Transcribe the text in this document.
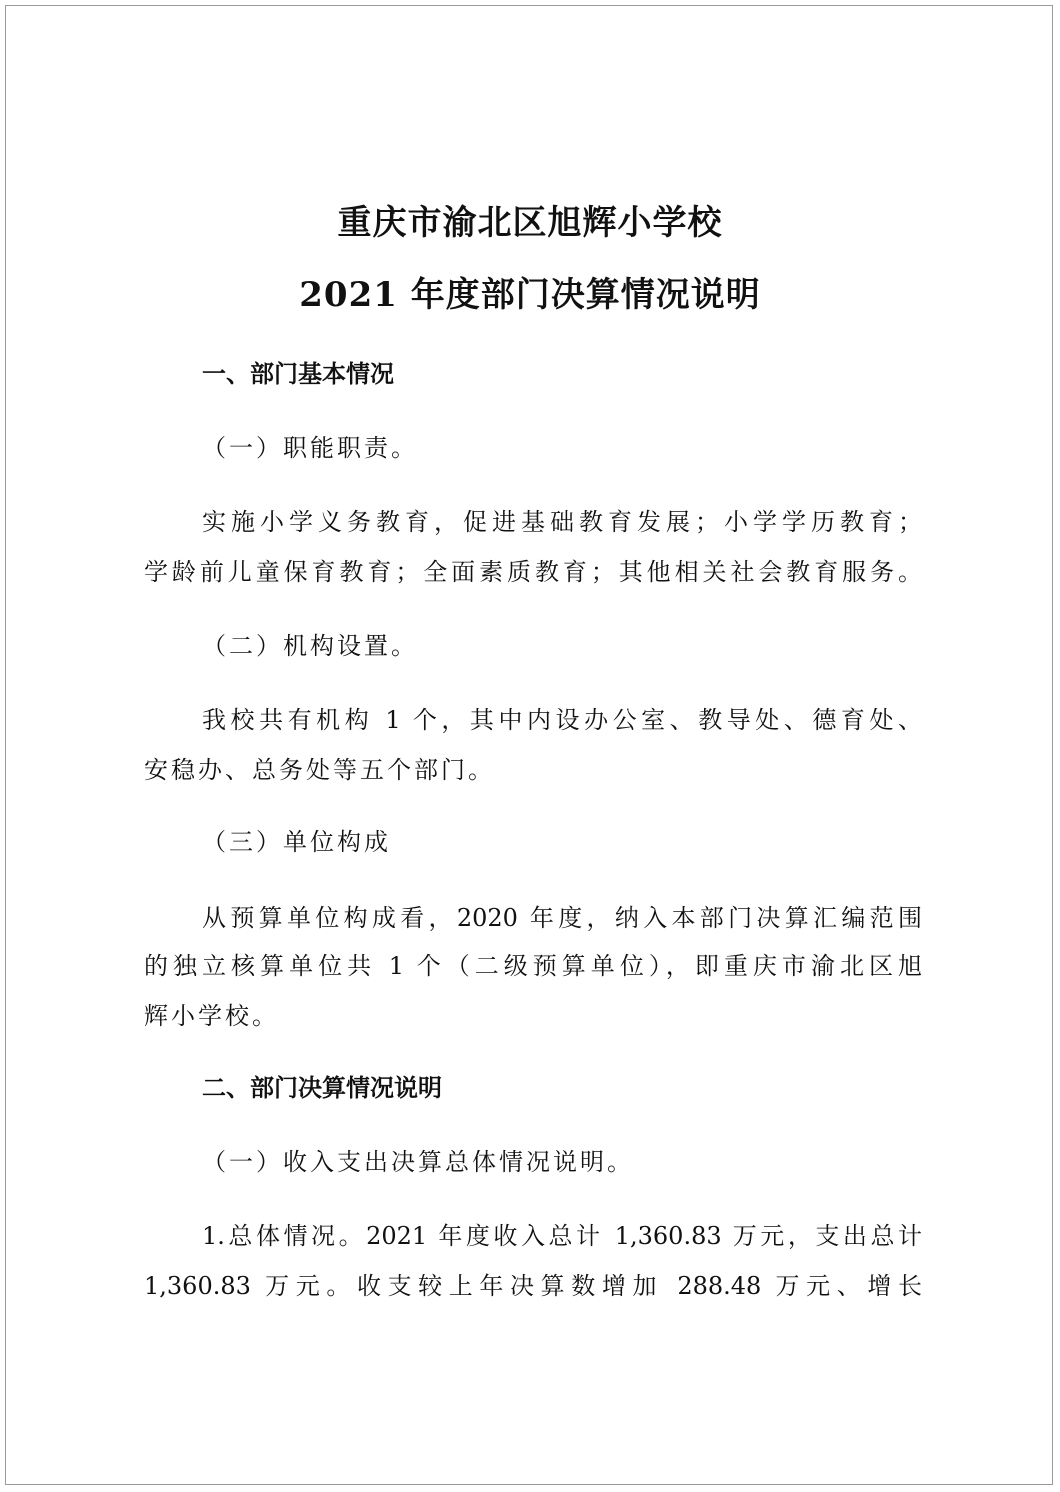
重庆市渝北区旭辉小学校
2021 年度部门决算情况说明
一、部门基本情况
（一）职能职责。
实施小学义务教育，促进基础教育发展；小学学历教育；
学龄前儿童保育教育；全面素质教育；其他相关社会教育服务。
（二）机构设置。
我校共有机构 1 个，其中内设办公室、教导处、德育处、
安稳办、总务处等五个部门。
（三）单位构成
从预算单位构成看，2020 年度，纳入本部门决算汇编范围
的独立核算单位共 1 个（二级预算单位），即重庆市渝北区旭
辉小学校。
二、部门决算情况说明
（一）收入支出决算总体情况说明。
1.总体情况。2021 年度收入总计 1,360.83 万元，支出总计
1,360.83 万元。收支较上年决算数增加 288.48 万元、增长
